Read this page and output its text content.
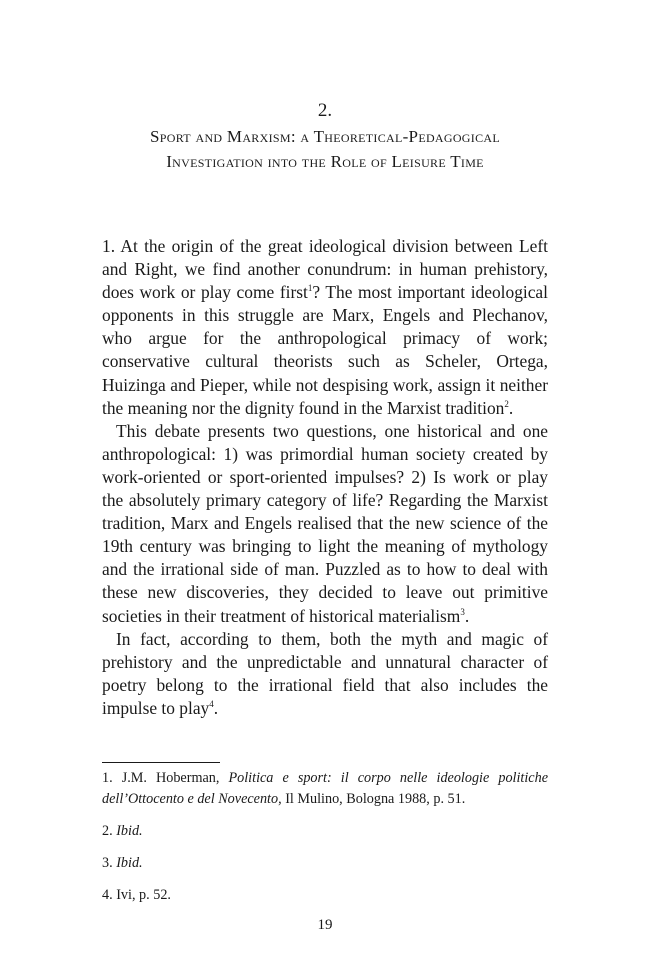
2.
Sport and Marxism: a Theoretical-Pedagogical
Investigation into the Role of Leisure Time

1. At the origin of the great ideological division between Left and Right, we find another conundrum: in human prehistory, does work or play come first$^1$? The most important ideological opponents in this struggle are Marx, Engels and Plechanov, who argue for the anthropological primacy of work; conservative cultural theorists such as Scheler, Ortega, Huizinga and Pieper, while not despising work, assign it neither the meaning nor the dignity found in the Marxist tradition$^2$.

This debate presents two questions, one historical and one anthropological: 1) was primordial human society created by work-oriented or sport-oriented impulses? 2) Is work or play the absolutely primary category of life? Regarding the Marxist tradition, Marx and Engels realised that the new science of the 19th century was bringing to light the meaning of mythology and the irrational side of man. Puzzled as to how to deal with these new discoveries, they decided to leave out primitive societies in their treatment of historical materialism$^3$.

In fact, according to them, both the myth and magic of prehistory and the unpredictable and unnatural character of poetry belong to the irrational field that also includes the impulse to play$^4$.

1. J.M. Hoberman, Politica e sport: il corpo nelle ideologie politiche dell’Ottocento e del Novecento, Il Mulino, Bologna 1988, p. 51.

2. Ibid.

3. Ibid.

4. Ivi, p. 52.

19
